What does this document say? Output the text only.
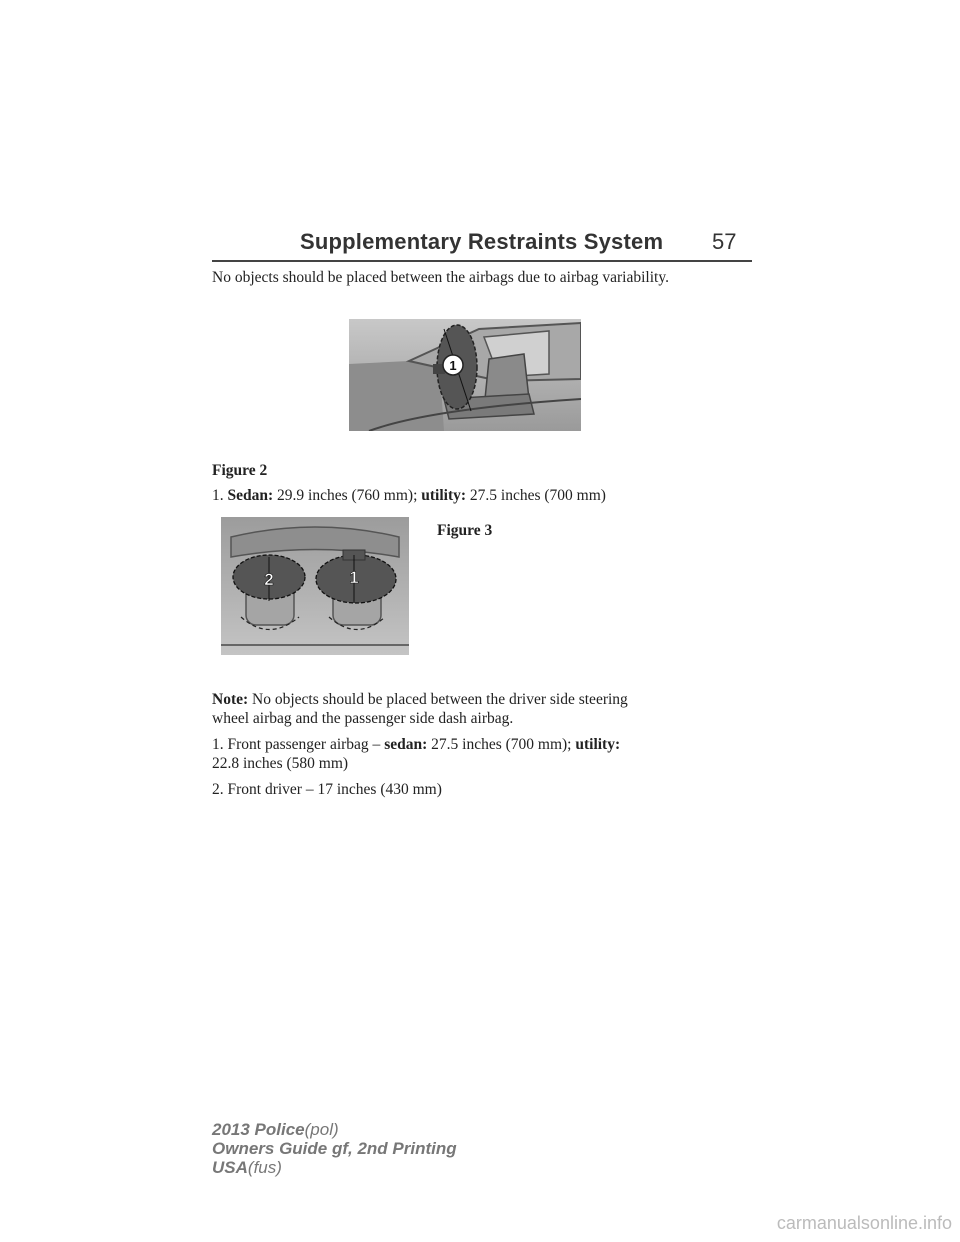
Supplementary Restraints System 57
No objects should be placed between the airbags due to airbag variability.
1
Figure 2
1. Sedan: 29.9 inches (760 mm); utility: 27.5 inches (700 mm)
2	1
Figure 3
Note: No objects should be placed between the driver side steering
wheel airbag and the passenger side dash airbag.
1. Front passenger airbag – sedan: 27.5 inches (700 mm); utility:
22.8 inches (580 mm)
2. Front driver – 17 inches (430 mm)
2013 Police(pol)
Owners Guide gf, 2nd Printing
USA(fus)
carmanualsonline.info
